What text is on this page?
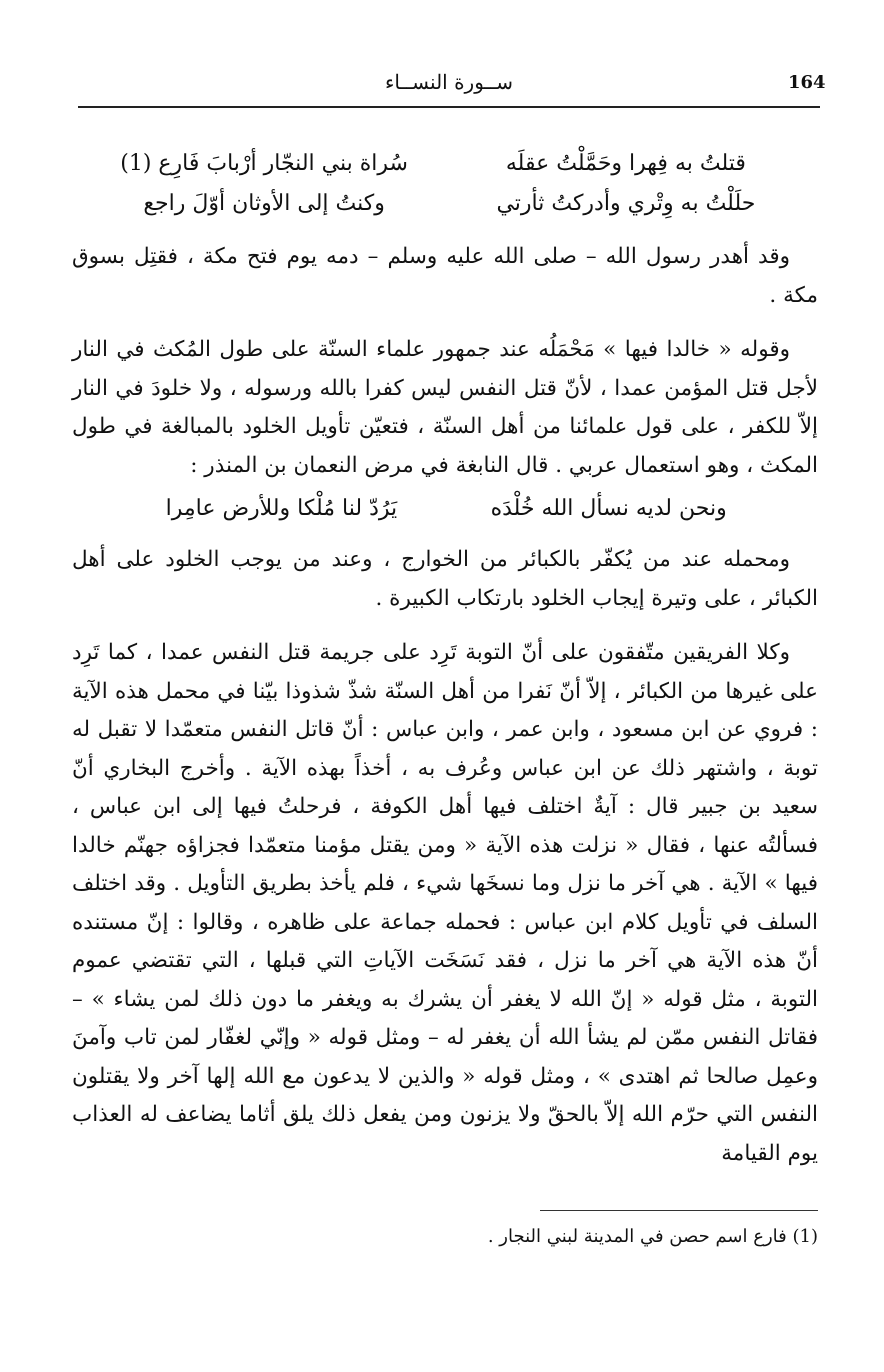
ســورة النســاء	164
قتلتُ به فِهرا وحَمَّلْتُ عقلَه
سُراة بني النجّار أرْبابَ فَارِع (1)
حلَلْتُ به وِتْري وأدركتُ ثأرتي
وكنتُ إلى الأوثان أوّلَ راجع

وقد أهدر رسول الله – صلى الله عليه وسلم – دمه يوم فتح مكة ، فقتِل بسوق مكة .

وقوله « خالدا فيها » مَحْمَلُه عند جمهور علماء السنّة على طول المُكث في النار لأجل قتل المؤمن عمدا ، لأنّ قتل النفس ليس كفرا بالله ورسوله ، ولا خلودَ في النار إلاّ للكفر ، على قول علمائنا من أهل السنّة ، فتعيّن تأويل الخلود بالمبالغة في طول المكث ، وهو استعمال عربي . قال النابغة في مرض النعمان بن المنذر :

ونحن لديه نسأل الله خُلْدَه
يَرُدّ لنا مُلْكا وللأرض عامِرا

ومحمله عند من يُكفّر بالكبائر من الخوارج ، وعند من يوجب الخلود على أهل الكبائر ، على وتيرة إيجاب الخلود بارتكاب الكبيرة .

وكلا الفريقين متّفقون على أنّ التوبة تَرِد على جريمة قتل النفس عمدا ، كما تَرِد على غيرها من الكبائر ، إلاّ أنّ نَفرا من أهل السنّة شذّ شذوذا بيّنا في محمل هذه الآية : فروي عن ابن مسعود ، وابن عمر ، وابن عباس : أنّ قاتل النفس متعمّدا لا تقبل له توبة ، واشتهر ذلك عن ابن عباس وعُرف به ، أخذاً بهذه الآية . وأخرج البخاري أنّ سعيد بن جبير قال : آيةٌ اختلف فيها أهل الكوفة ، فرحلتُ فيها إلى ابن عباس ، فسألتُه عنها ، فقال « نزلت هذه الآية « ومن يقتل مؤمنا متعمّدا فجزاؤه جهنّم خالدا فيها » الآية . هي آخر ما نزل وما نسخَها شيء ، فلم يأخذ بطريق التأويل . وقد اختلف السلف في تأويل كلام ابن عباس : فحمله جماعة على ظاهره ، وقالوا : إنّ مستنده أنّ هذه الآية هي آخر ما نزل ، فقد نَسَخَت الآياتِ التي قبلها ، التي تقتضي عموم التوبة ، مثل قوله « إنّ الله لا يغفر أن يشرك به ويغفر ما دون ذلك لمن يشاء » – فقاتل النفس ممّن لم يشأ الله أن يغفر له – ومثل قوله « وإنّي لغفّار لمن تاب وآمنَ وعمِل صالحا ثم اهتدى » ، ومثل قوله « والذين لا يدعون مع الله إلها آخر ولا يقتلون النفس التي حرّم الله إلاّ بالحقّ ولا يزنون ومن يفعل ذلك يلق أثاما يضاعف له العذاب يوم القيامة

(1) فارع اسم حصن في المدينة لبني النجار .
